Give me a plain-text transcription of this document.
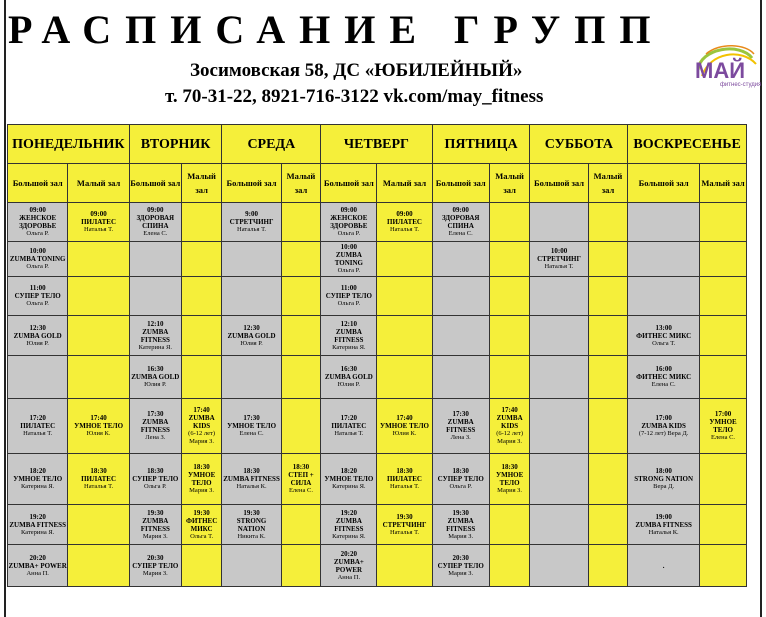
РАСПИСАНИЕ ГРУПП
Зосимовская 58, ДС «ЮБИЛЕЙНЫЙ»
т. 70-31-22, 8921-716-3122 vk.com/may_fitness
МАЙ
фитнес-студия
ПОНЕДЕЛЬНИК		ВТОРНИК		СРЕДА		ЧЕТВЕРГ		ПЯТНИЦА		СУББОТА		ВОСКРЕСЕНЬЕ	
Большой зал	Малый зал	Большой зал	Малый зал	Большой зал	Малый зал	Большой зал	Малый зал	Большой зал	Малый зал	Большой зал	Малый зал	Большой зал	Малый зал

09:00
ЖЕНСКОЕ ЗДОРОВЬЕ
Ольга Р.	09:00
ПИЛАТЕС
Наталья Т.	09:00
ЗДОРОВАЯ СПИНА
Елена С.		9:00
СТРЕТЧИНГ
Наталья Т.		09:00
ЖЕНСКОЕ ЗДОРОВЬЕ
Ольга Р.	09:00
ПИЛАТЕС
Наталья Т.	09:00
ЗДОРОВАЯ СПИНА
Елена С.					

10:00
ZUMBA TONING
Ольга Р.						10:00
ZUMBA TONING
Ольга Р.				10:00
СТРЕТЧИНГ
Наталья Т.			

11:00
СУПЕР ТЕЛО
Ольга Р.						11:00
СУПЕР ТЕЛО
Ольга Р.							

12:30
ZUMBA GOLD
Юлия Р.		12:10
ZUMBA FITNESS
Катерина Я.		12:30
ZUMBA GOLD
Юлия Р.		12:10
ZUMBA FITNESS
Катерина Я.						13:00
ФИТНЕС МИКС
Ольга Т.	

		16:30
ZUMBA GOLD
Юлия Р.				16:30
ZUMBA GOLD
Юлия Р.						16:00
ФИТНЕС МИКС
Елена С.	

17:20
ПИЛАТЕС
Наталья Т.	17:40
УМНОЕ ТЕЛО
Юлия К.	17:30
ZUMBA FITNESS
Лена З.	17:40
ZUMBA KIDS
(6-12 лет) Мария З.	17:30
УМНОЕ ТЕЛО
Елена С.		17:20
ПИЛАТЕС
Наталья Т.	17:40
УМНОЕ ТЕЛО
Юлия К.	17:30
ZUMBA FITNESS
Лена З.	17:40
ZUMBA KIDS
(6-12 лет) Мария З.			17:00
ZUMBA KIDS
(7-12 лет) Вера Д.	17:00
УМНОЕ ТЕЛО
Елена С.

18:20
УМНОЕ ТЕЛО
Катерина Я.	18:30
ПИЛАТЕС
Наталья Т.	18:30
СУПЕР ТЕЛО
Ольга Р.	18:30
УМНОЕ ТЕЛО
Мария З.	18:30
ZUMBA FITNESS
Наталья К.	18:30
СТЕП + СИЛА
Елена С.	18:20
УМНОЕ ТЕЛО
Катерина Я.	18:30
ПИЛАТЕС
Наталья Т.	18:30
СУПЕР ТЕЛО
Ольга Р.	18:30
УМНОЕ ТЕЛО
Мария З.			18:00
STRONG NATION
Вера Д.	

19:20
ZUMBA FITNESS
Катерина Я.		19:30
ZUMBA FITNESS
Мария З.	19:30
ФИТНЕС МИКС
Ольга Т.	19:30
STRONG NATION
Никита К.		19:20
ZUMBA FITNESS
Катерина Я.	19:30
СТРЕТЧИНГ
Наталья Т.	19:30
ZUMBA FITNESS
Мария З.				19:00
ZUMBA FITNESS
Наталья К.	

20:20
ZUMBA+ POWER
Анна П.		20:30
СУПЕР ТЕЛО
Мария З.				20:20
ZUMBA+ POWER
Анна П.		20:30
СУПЕР ТЕЛО
Мария З.				.	
